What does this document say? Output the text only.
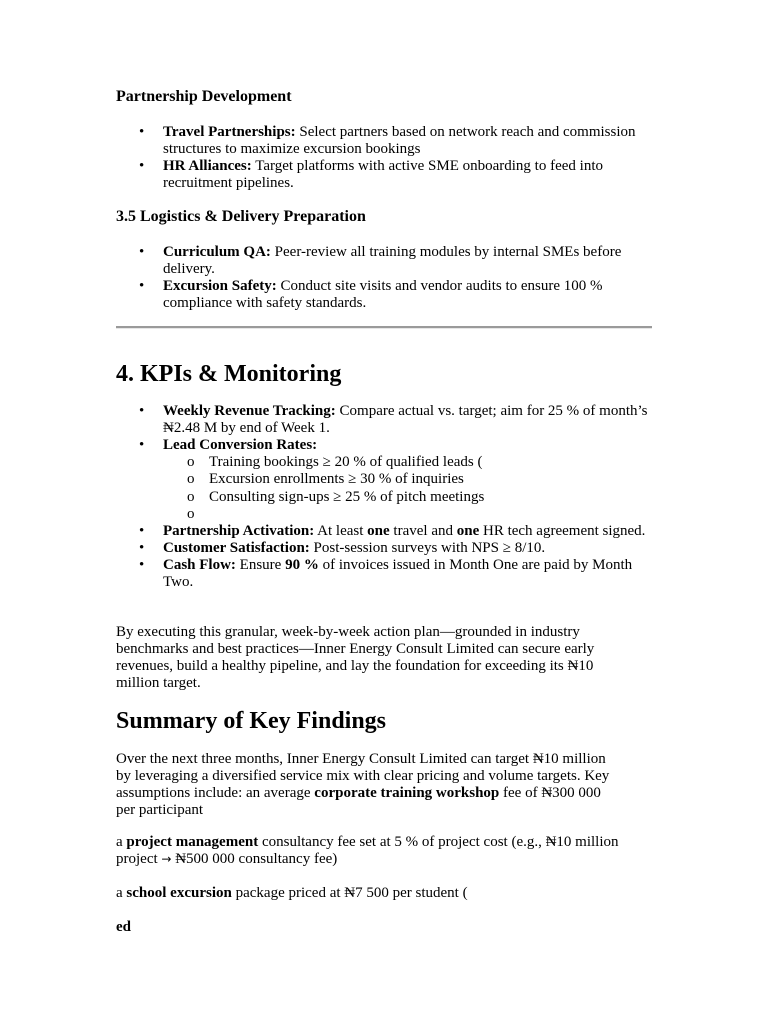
Partnership Development
• Travel Partnerships: Select partners based on network reach and commission structures to maximize excursion bookings
• HR Alliances: Target platforms with active SME onboarding to feed into recruitment pipelines.
3.5 Logistics & Delivery Preparation
• Curriculum QA: Peer-review all training modules by internal SMEs before delivery.
• Excursion Safety: Conduct site visits and vendor audits to ensure 100 % compliance with safety standards.
4. KPIs & Monitoring
• Weekly Revenue Tracking: Compare actual vs. target; aim for 25 % of month’s ₦2.48 M by end of Week 1.
• Lead Conversion Rates:
o Training bookings ≥ 20 % of qualified leads (
o Excursion enrollments ≥ 30 % of inquiries
o Consulting sign-ups ≥ 25 % of pitch meetings
o
• Partnership Activation: At least one travel and one HR tech agreement signed.
• Customer Satisfaction: Post-session surveys with NPS ≥ 8/10.
• Cash Flow: Ensure 90 % of invoices issued in Month One are paid by Month Two.

By executing this granular, week-by-week action plan—grounded in industry benchmarks and best practices—Inner Energy Consult Limited can secure early revenues, build a healthy pipeline, and lay the foundation for exceeding its ₦10 million target.

Summary of Key Findings

Over the next three months, Inner Energy Consult Limited can target ₦10 million by leveraging a diversified service mix with clear pricing and volume targets. Key assumptions include: an average corporate training workshop fee of ₦300 000 per participant

a project management consultancy fee set at 5 % of project cost (e.g., ₦10 million project → ₦500 000 consultancy fee)

a school excursion package priced at ₦7 500 per student (

ed
